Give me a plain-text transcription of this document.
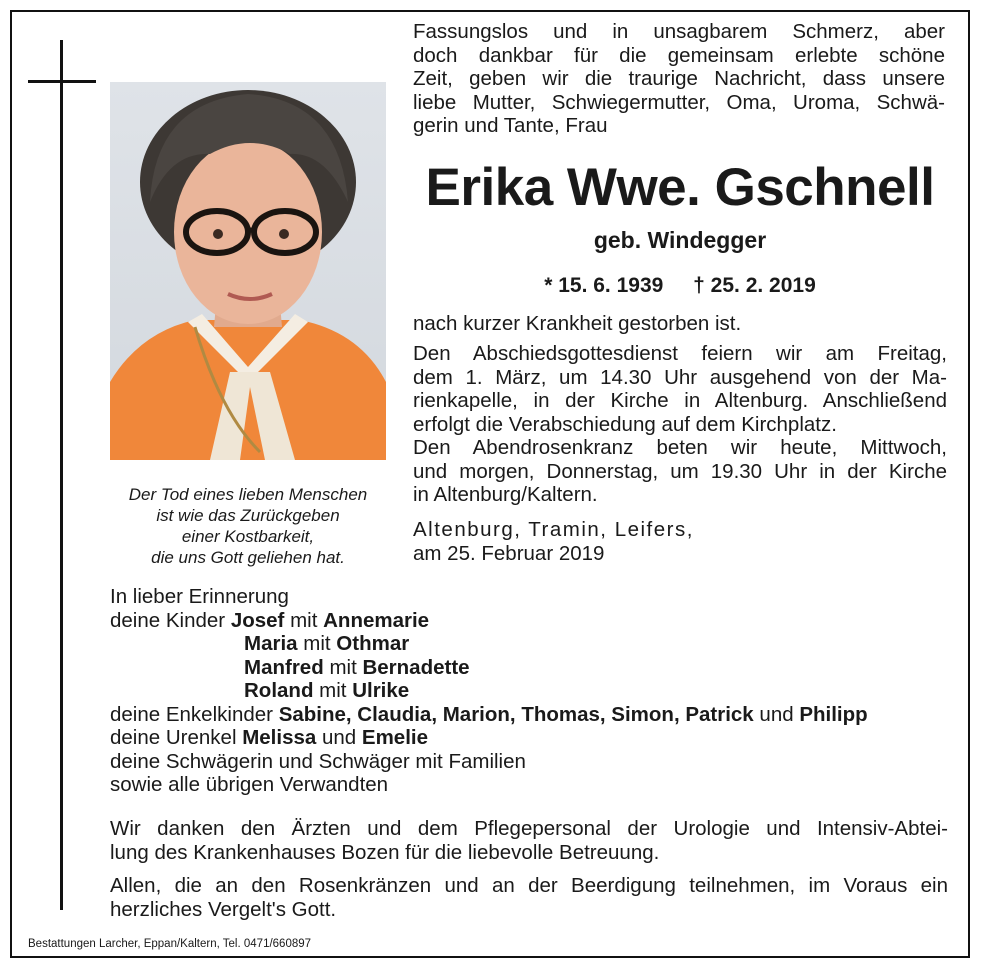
Der Tod eines lieben Menschen
ist wie das Zurückgeben
einer Kostbarkeit,
die uns Gott geliehen hat.
Fassungslos und in unsagbarem Schmerz, aber
doch dankbar für die gemeinsam erlebte schöne
Zeit, geben wir die traurige Nachricht, dass unsere
liebe Mutter, Schwiegermutter, Oma, Uroma, Schwä-
gerin und Tante, Frau
Erika Wwe. Gschnell
geb. Windegger
* 15. 6. 1939 † 25. 2. 2019
nach kurzer Krankheit gestorben ist.
Den Abschiedsgottesdienst feiern wir am Freitag,
dem 1. März, um 14.30 Uhr ausgehend von der Ma-
rienkapelle, in der Kirche in Altenburg. Anschließend
erfolgt die Verabschiedung auf dem Kirchplatz.
Den Abendrosenkranz beten wir heute, Mittwoch,
und morgen, Donnerstag, um 19.30 Uhr in der Kirche
in Altenburg/Kaltern.
Altenburg, Tramin, Leifers,
am 25. Februar 2019
In lieber Erinnerung
deine Kinder Josef mit Annemarie
Maria mit Othmar
Manfred mit Bernadette
Roland mit Ulrike
deine Enkelkinder Sabine, Claudia, Marion, Thomas, Simon, Patrick und Philipp
deine Urenkel Melissa und Emelie
deine Schwägerin und Schwäger mit Familien
sowie alle übrigen Verwandten
Wir danken den Ärzten und dem Pflegepersonal der Urologie und Intensiv-Abtei-
lung des Krankenhauses Bozen für die liebevolle Betreuung.
Allen, die an den Rosenkränzen und an der Beerdigung teilnehmen, im Voraus ein
herzliches Vergelt's Gott.
Bestattungen Larcher, Eppan/Kaltern, Tel. 0471/660897
